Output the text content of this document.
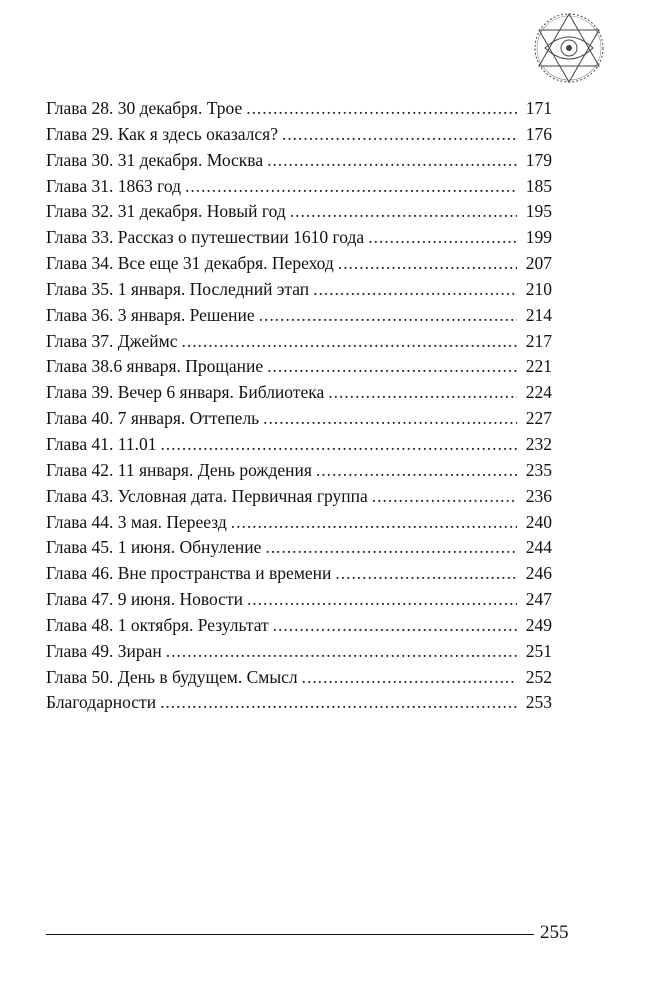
Глава 28. 30 декабря. Трое . . .	171
Глава 29. Как я здесь оказался? . . .	176
Глава 30. 31 декабря. Москва . . .	179
Глава 31. 1863 год . . .	185
Глава 32. 31 декабря. Новый год . . .	195
Глава 33. Рассказ о путешествии 1610 года . . .	199
Глава 34. Все еще 31 декабря. Переход . . .	207
Глава 35. 1 января. Последний этап . . .	210
Глава 36. 3 января. Решение . . .	214
Глава 37. Джеймс . . .	217
Глава 38.6 января. Прощание . . .	221
Глава 39. Вечер 6 января. Библиотека . . .	224
Глава 40. 7 января. Оттепель . . .	227
Глава 41. 11.01 . . .	232
Глава 42. 11 января. День рождения . . .	235
Глава 43. Условная дата. Первичная группа . . .	236
Глава 44. 3 мая. Переезд . . .	240
Глава 45. 1 июня. Обнуление . . .	244
Глава 46. Вне пространства и времени . . .	246
Глава 47. 9 июня. Новости . . .	247
Глава 48. 1 октября. Результат . . .	249
Глава 49. Зиран . . .	251
Глава 50. День в будущем. Смысл . . .	252
Благодарности . . .	253
255
